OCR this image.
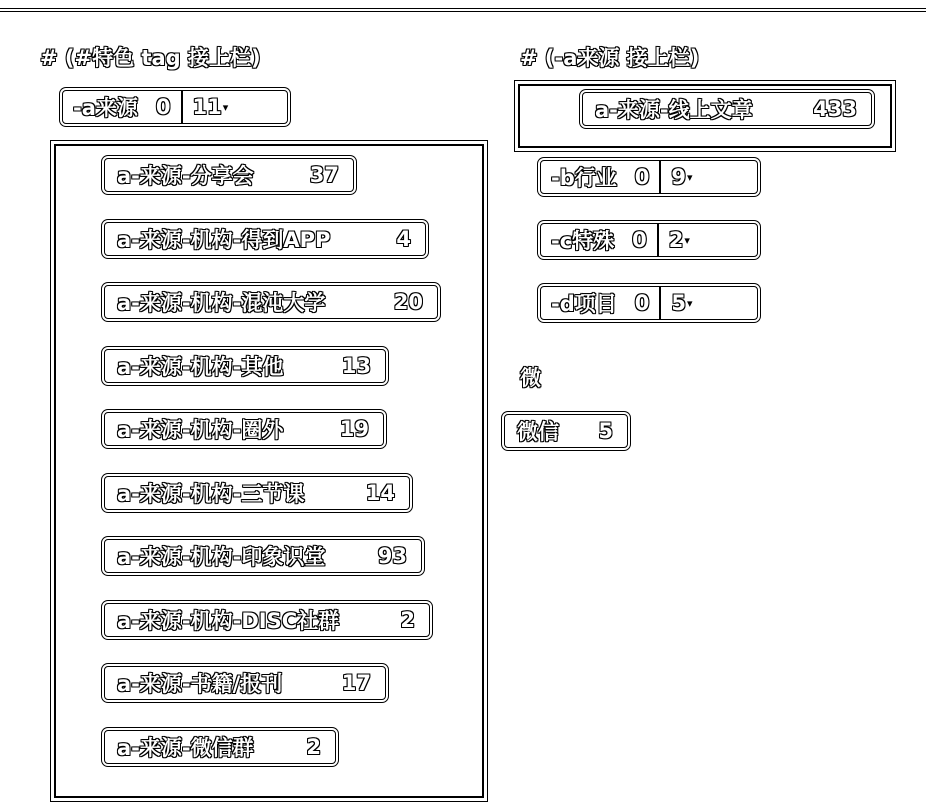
# (#特色 tag 接上栏)
-a来源 0 11 ▾
a-来源-分享会	37
a-来源-机构-得到APP	4
a-来源-机构-混沌大学	20
a-来源-机构-其他	13
a-来源-机构-圈外	19
a-来源-机构-三节课	14
a-来源-机构-印象识堂	93
a-来源-机构-DISC社群	2
a-来源-书籍/报刊	17
a-来源-微信群	2
# (-a来源 接上栏)
a-来源-线上文章	433
-b行业 0 9 ▾
-c特殊 0 2 ▾
-d项目 0 5 ▾
微
微信	5
